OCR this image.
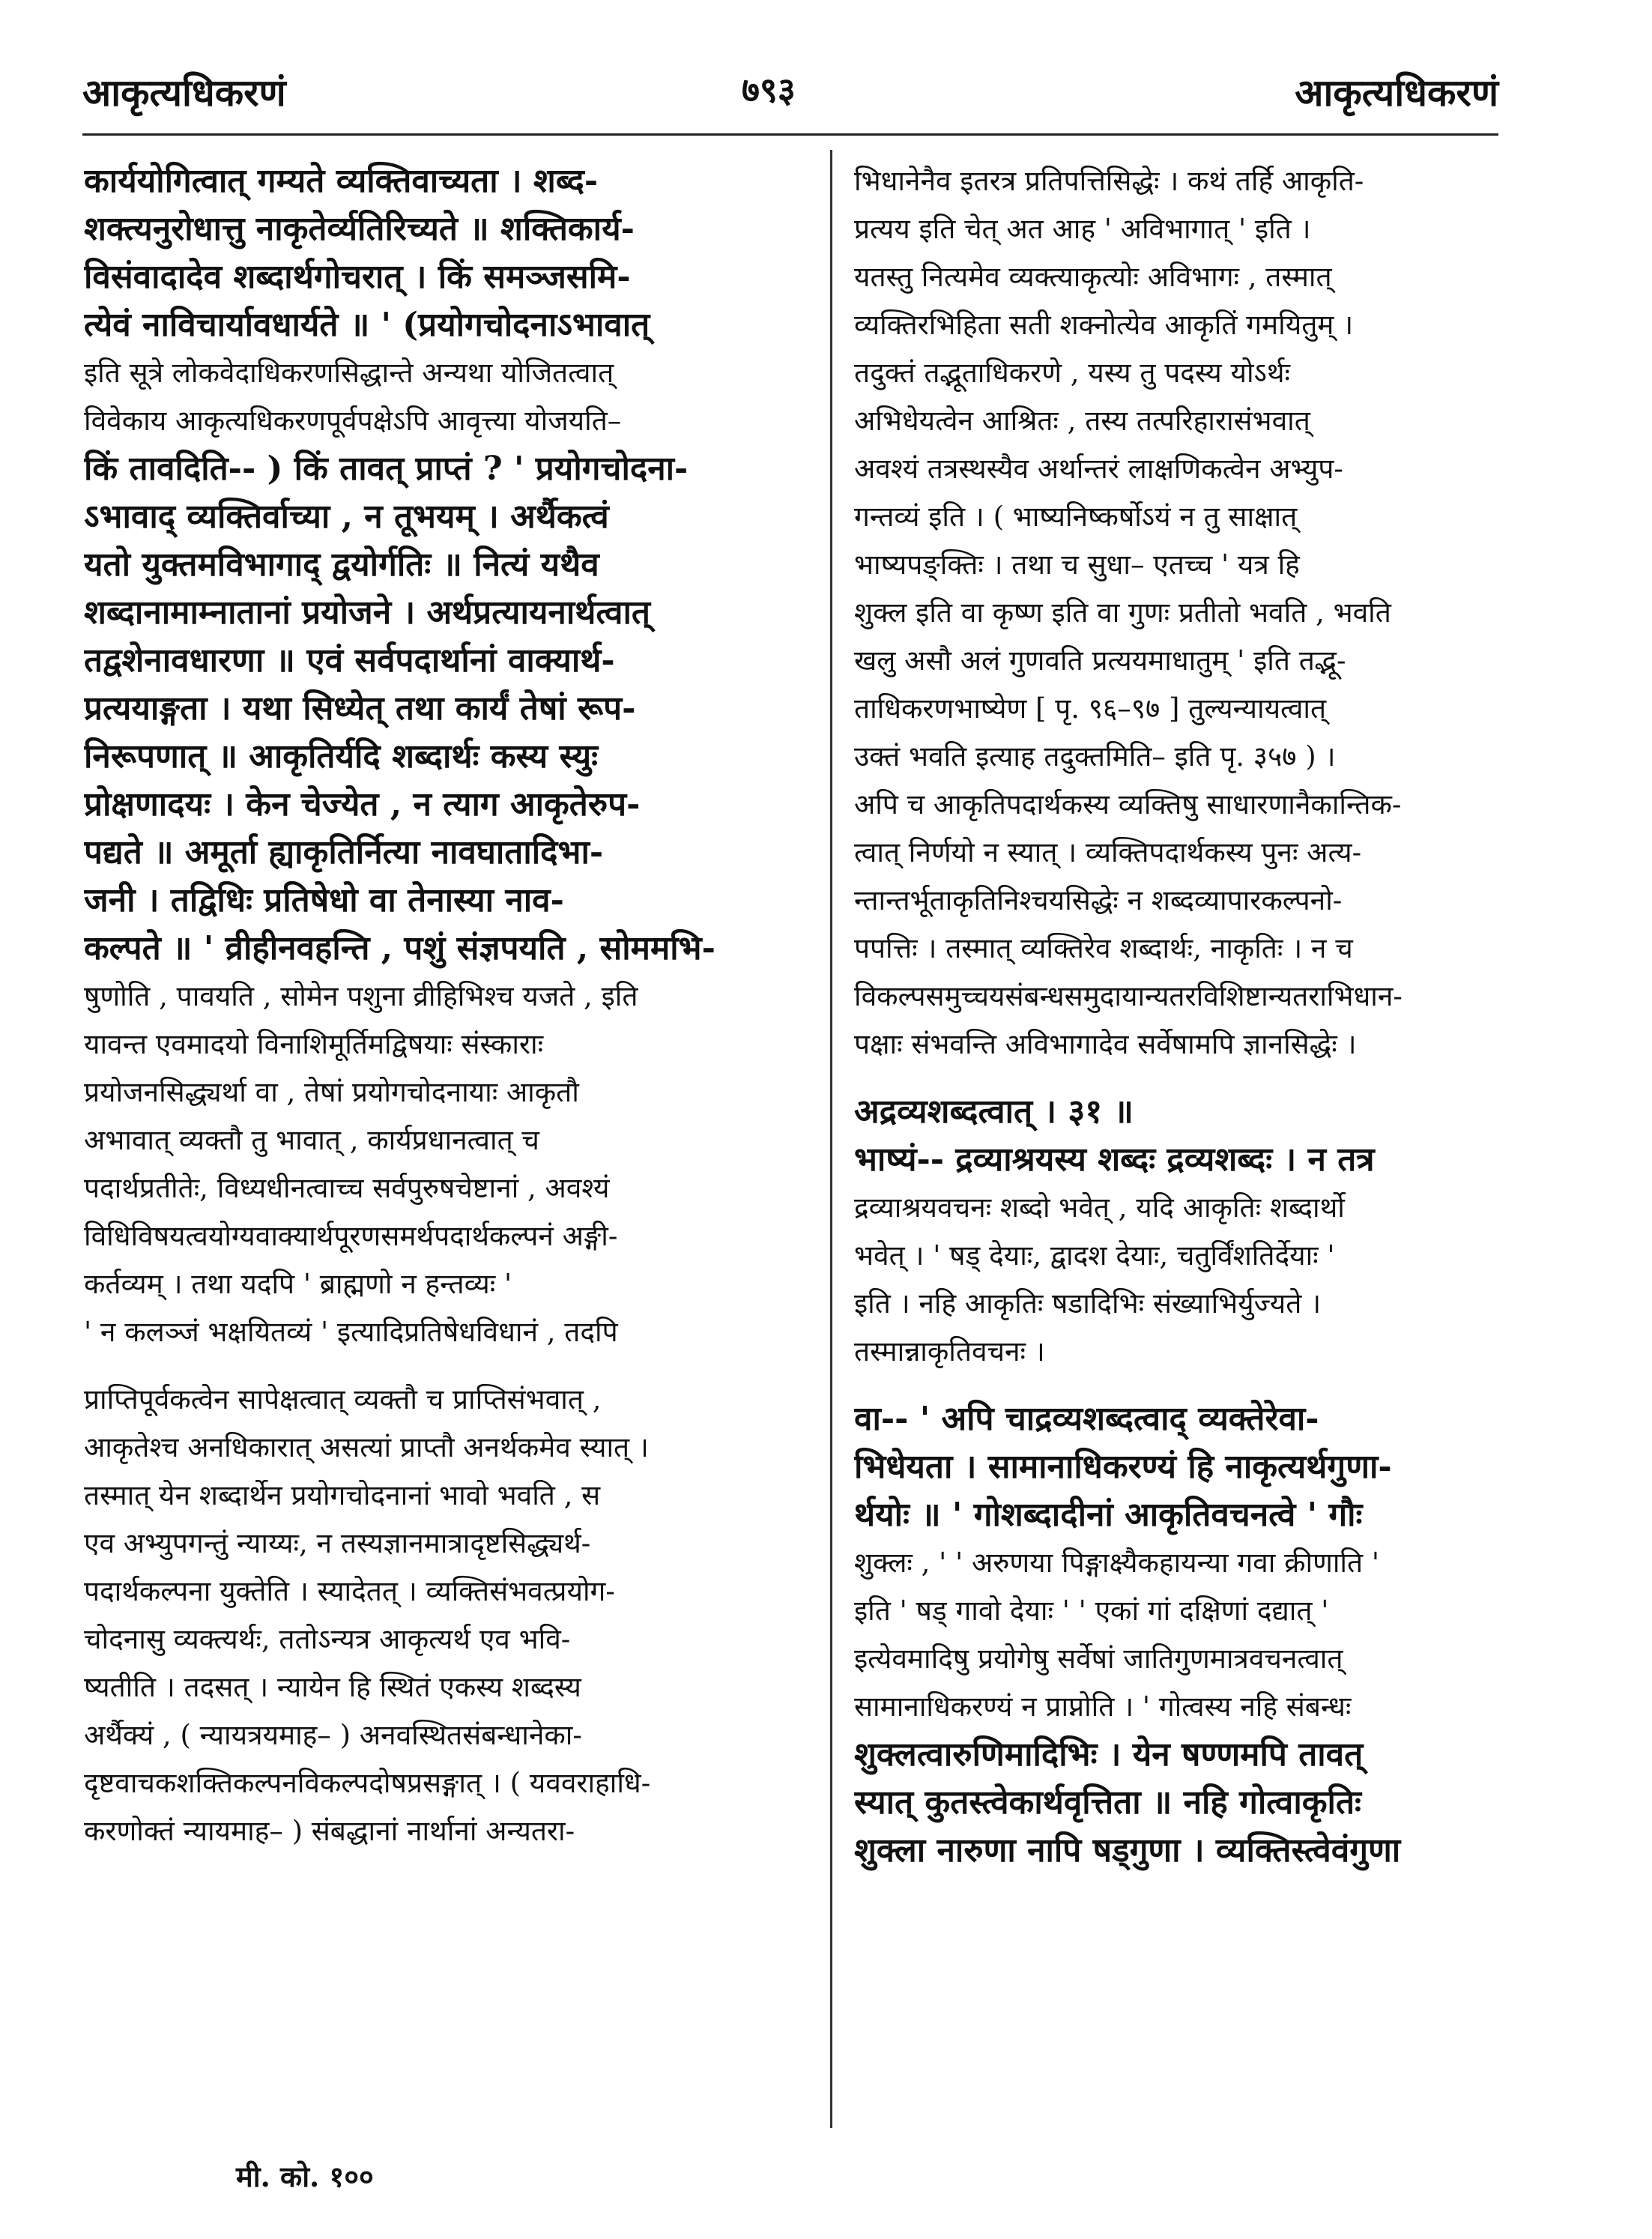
आकृत्यधिकरणं	७९३	आकृत्यधिकरणं
कार्ययोगित्वात् गम्यते व्यक्तिवाच्यता । शब्द-
शक्त्यनुरोधात्तु नाकृतेर्व्यतिरिच्यते ॥ शक्तिकार्य-
विसंवादादेव शब्दार्थगोचरात् । किं समञ्जसमि-
त्येवं नाविचार्यावधार्यते ॥ ' (प्रयोगचोदनाऽभावात्
इति सूत्रे लोकवेदाधिकरणसिद्धान्ते अन्यथा योजितत्वात्
विवेकाय आकृत्यधिकरणपूर्वपक्षेऽपि आवृत्त्या योजयति–
किं तावदिति-- ) किं तावत् प्राप्तं ? ' प्रयोगचोदना-
ऽभावाद् व्यक्तिर्वाच्या , न तूभयम् । अर्थैकत्वं
यतो युक्तमविभागाद् द्वयोर्गतिः ॥ नित्यं यथैव
शब्दानामाम्नातानां प्रयोजने । अर्थप्रत्यायनार्थत्वात्
तद्वशेनावधारणा ॥ एवं सर्वपदार्थानां वाक्यार्थ-
प्रत्ययाङ्गता । यथा सिध्येत् तथा कार्यं तेषां रूप-
निरूपणात् ॥ आकृतिर्यदि शब्दार्थः कस्य स्युः
प्रोक्षणादयः । केन चेज्येत , न त्याग आकृतेरुप-
पद्यते ॥ अमूर्ता ह्याकृतिर्नित्या नावघातादिभा-
जनी । तद्विधिः प्रतिषेधो वा तेनास्या नाव-
कल्पते ॥ ' व्रीहीनवहन्ति , पशुं संज्ञपयति , सोममभि-
षुणोति , पावयति , सोमेन पशुना व्रीहिभिश्च यजते , इति
यावन्त एवमादयो विनाशिमूर्तिमद्विषयाः संस्काराः
प्रयोजनसिद्ध्यर्था वा , तेषां प्रयोगचोदनायाः आकृतौ
अभावात् व्यक्तौ तु भावात् , कार्यप्रधानत्वात् च
पदार्थप्रतीतेः, विध्यधीनत्वाच्च सर्वपुरुषचेष्टानां , अवश्यं
विधिविषयत्वयोग्यवाक्यार्थपूरणसमर्थपदार्थकल्पनं अङ्गी-
कर्तव्यम् । तथा यदपि ' ब्राह्मणो न हन्तव्यः '
' न कलञ्जं भक्षयितव्यं ' इत्यादिप्रतिषेधविधानं , तदपि
प्राप्तिपूर्वकत्वेन सापेक्षत्वात् व्यक्तौ च प्राप्तिसंभवात् ,
आकृतेश्च अनधिकारात् असत्यां प्राप्तौ अनर्थकमेव स्यात् ।
तस्मात् येन शब्दार्थेन प्रयोगचोदनानां भावो भवति , स
एव अभ्युपगन्तुं न्याय्यः, न तस्यज्ञानमात्रादृष्टसिद्ध्यर्थ-
पदार्थकल्पना युक्तेति । स्यादेतत् । व्यक्तिसंभवत्प्रयोग-
चोदनासु व्यक्त्यर्थः, ततोऽन्यत्र आकृत्यर्थ एव भवि-
ष्यतीति । तदसत् । न्यायेन हि स्थितं एकस्य शब्दस्य
अर्थैक्यं , ( न्यायत्रयमाह– ) अनवस्थितसंबन्धानेका-
दृष्टवाचकशक्तिकल्पनविकल्पदोषप्रसङ्गात् । ( यववराहाधि-
करणोक्तं न्यायमाह– ) संबद्धानां नार्थानां अन्यतरा-
भिधानेनैव इतरत्र प्रतिपत्तिसिद्धेः । कथं तर्हि आकृति-
प्रत्यय इति चेत् अत आह ' अविभागात् ' इति ।
यतस्तु नित्यमेव व्यक्त्याकृत्योः अविभागः , तस्मात्
व्यक्तिरभिहिता सती शक्नोत्येव आकृतिं गमयितुम् ।
तदुक्तं तद्भूताधिकरणे , यस्य तु पदस्य योऽर्थः
अभिधेयत्वेन आश्रितः , तस्य तत्परिहारासंभवात्
अवश्यं तत्रस्थस्यैव अर्थान्तरं लाक्षणिकत्वेन अभ्युप-
गन्तव्यं इति । ( भाष्यनिष्कर्षोऽयं न तु साक्षात्
भाष्यपङ्क्तिः । तथा च सुधा– एतच्च ' यत्र हि
शुक्ल इति वा कृष्ण इति वा गुणः प्रतीतो भवति , भवति
खलु असौ अलं गुणवति प्रत्ययमाधातुम् ' इति तद्भू-
ताधिकरणभाष्येण [ पृ. ९६–९७ ] तुल्यन्यायत्वात्
उक्तं भवति इत्याह तदुक्तमिति– इति पृ. ३५७ ) ।
अपि च आकृतिपदार्थकस्य व्यक्तिषु साधारणानैकान्तिक-
त्वात् निर्णयो न स्यात् । व्यक्तिपदार्थकस्य पुनः अत्य-
न्तान्तर्भूताकृतिनिश्चयसिद्धेः न शब्दव्यापारकल्पनो-
पपत्तिः । तस्मात् व्यक्तिरेव शब्दार्थः, नाकृतिः । न च
विकल्पसमुच्चयसंबन्धसमुदायान्यतरविशिष्टान्यतराभिधान-
पक्षाः संभवन्ति अविभागादेव सर्वेषामपि ज्ञानसिद्धेः ।
अद्रव्यशब्दत्वात् । ३१ ॥
भाष्यं-- द्रव्याश्रयस्य शब्दः द्रव्यशब्दः । न तत्र
द्रव्याश्रयवचनः शब्दो भवेत् , यदि आकृतिः शब्दार्थो
भवेत् । ' षड् देयाः, द्वादश देयाः, चतुर्विंशतिर्देयाः '
इति । नहि आकृतिः षडादिभिः संख्याभिर्युज्यते ।
तस्मान्नाकृतिवचनः ।
वा-- ' अपि चाद्रव्यशब्दत्वाद् व्यक्तेरेवा-
भिधेयता । सामानाधिकरण्यं हि नाकृत्यर्थगुणा-
र्थयोः ॥ ' गोशब्दादीनां आकृतिवचनत्वे ' गौः
शुक्लः , ' ' अरुणया पिङ्गाक्ष्यैकहायन्या गवा क्रीणाति '
इति ' षड् गावो देयाः ' ' एकां गां दक्षिणां दद्यात् '
इत्येवमादिषु प्रयोगेषु सर्वेषां जातिगुणमात्रवचनत्वात्
सामानाधिकरण्यं न प्राप्नोति । ' गोत्वस्य नहि संबन्धः
शुक्लत्वारुणिमादिभिः । येन षण्णमपि तावत्
स्यात् कुतस्त्वेकार्थवृत्तिता ॥ नहि गोत्वाकृतिः
शुक्ला नारुणा नापि षड्गुणा । व्यक्तिस्त्वेवंगुणा
मी. को. १००
